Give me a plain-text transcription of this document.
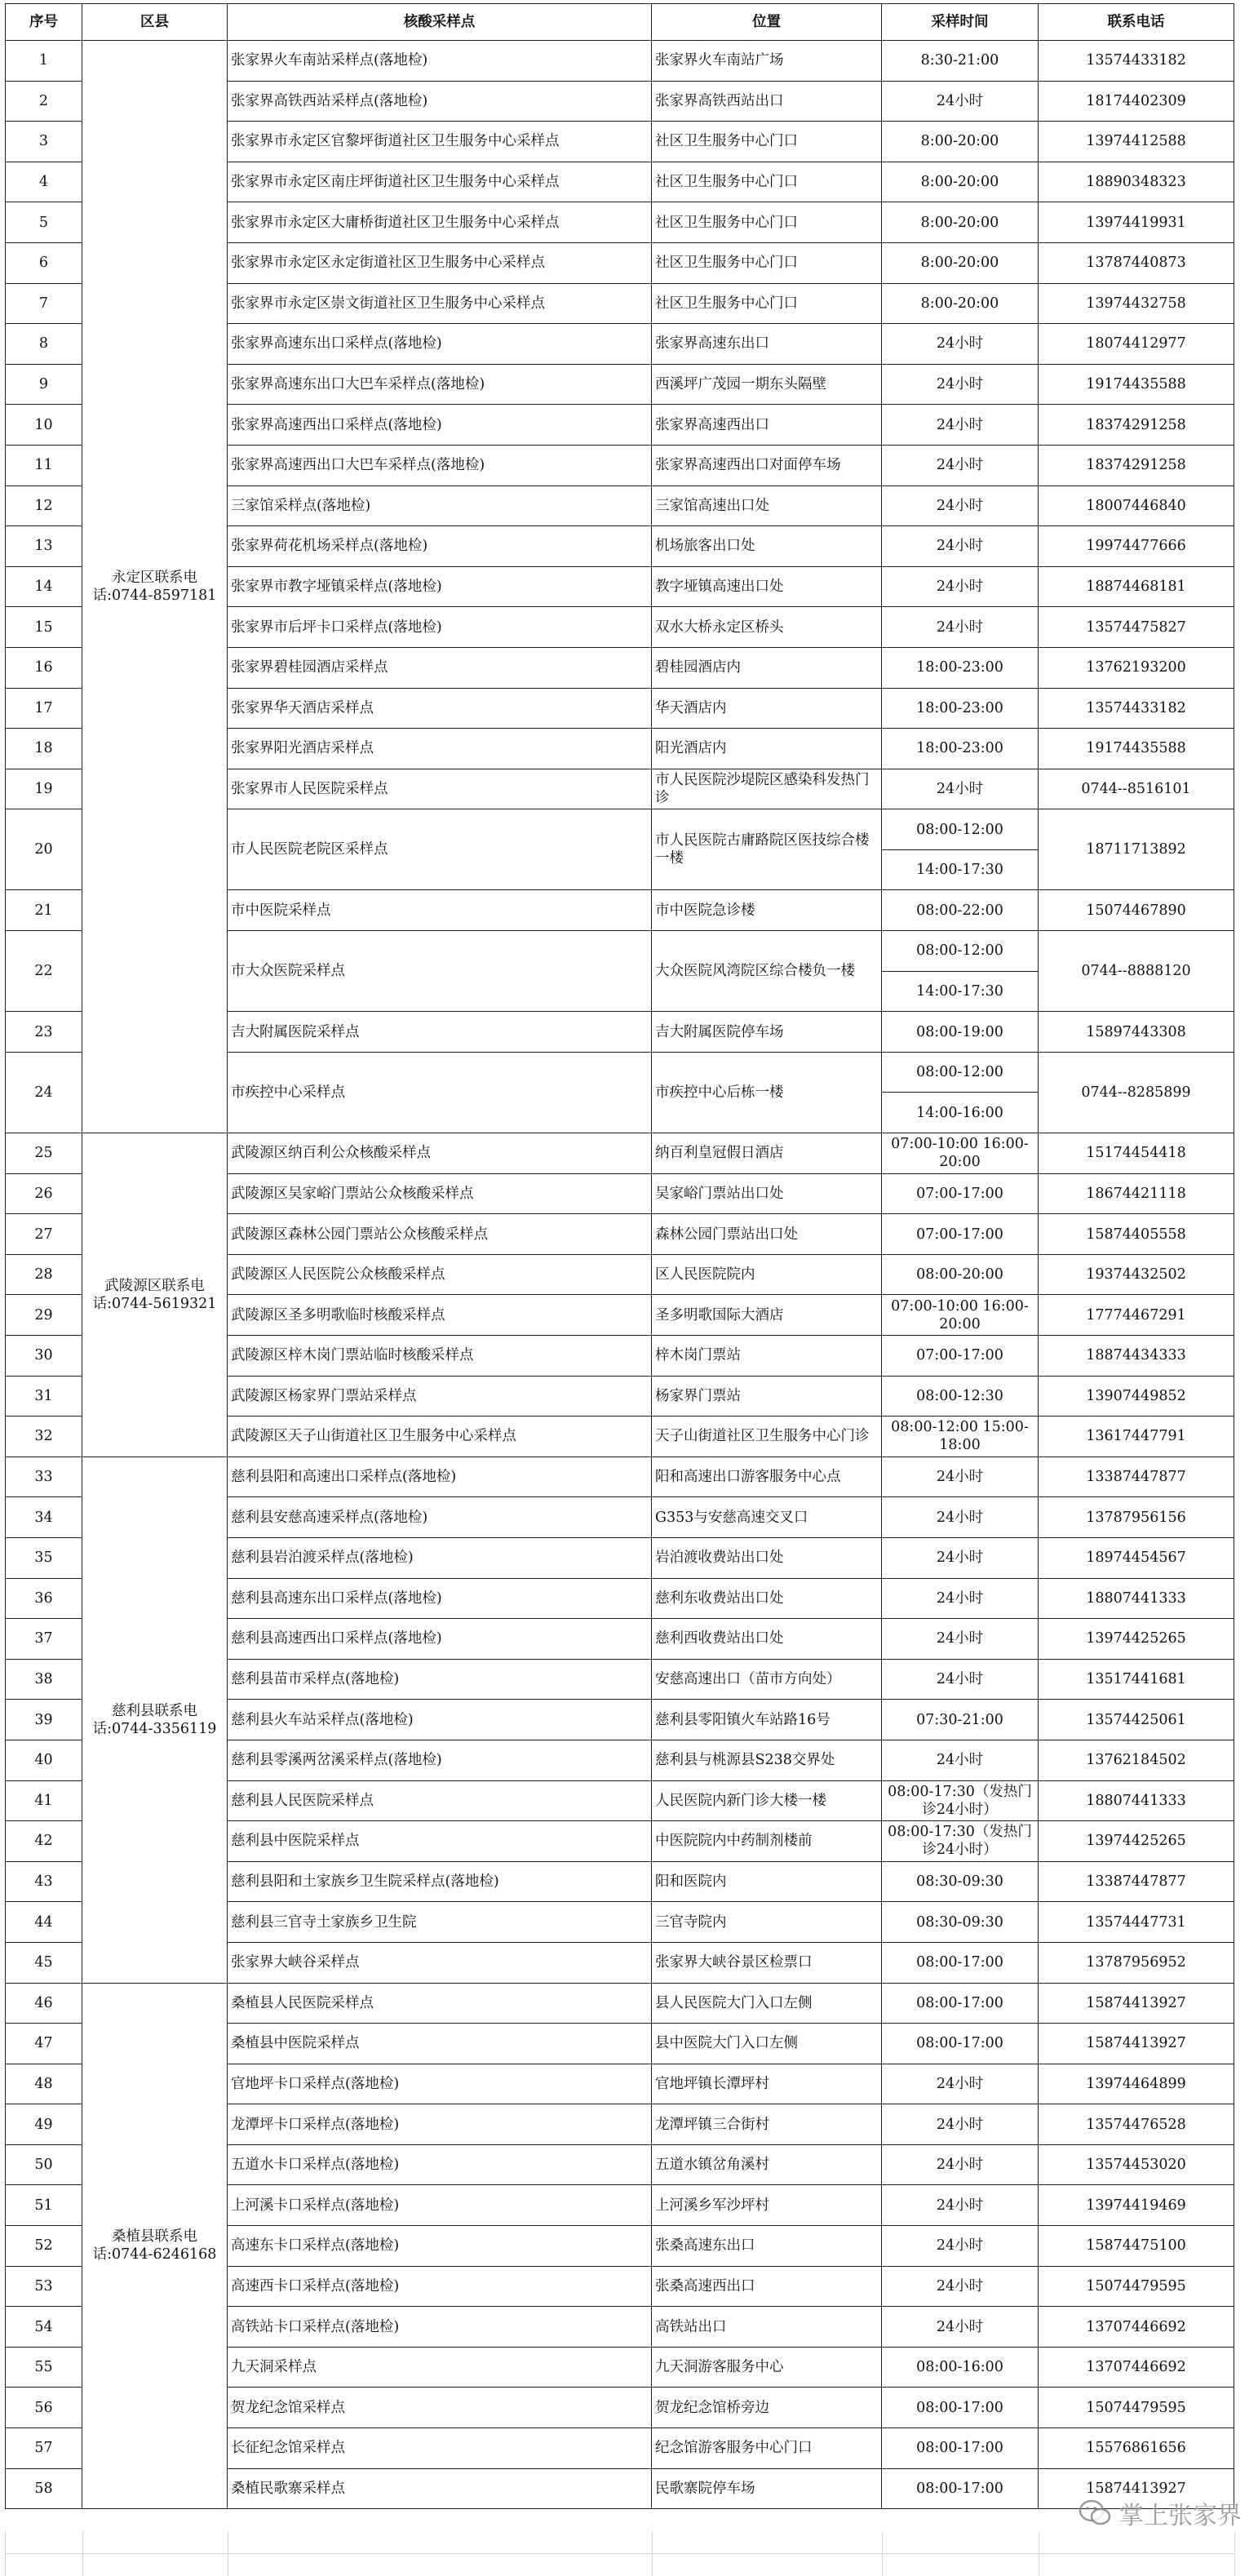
序号	区县	核酸采样点	位置	采样时间	联系电话
1	永定区联系电话:0744-8597181	张家界火车南站采样点(落地检)	张家界火车南站广场	8:30-21:00	13574433182
2		张家界高铁西站采样点(落地检)	张家界高铁西站出口	24小时	18174402309
3		张家界市永定区官黎坪街道社区卫生服务中心采样点	社区卫生服务中心门口	8:00-20:00	13974412588
4		张家界市永定区南庄坪街道社区卫生服务中心采样点	社区卫生服务中心门口	8:00-20:00	18890348323
5		张家界市永定区大庸桥街道社区卫生服务中心采样点	社区卫生服务中心门口	8:00-20:00	13974419931
6		张家界市永定区永定街道社区卫生服务中心采样点	社区卫生服务中心门口	8:00-20:00	13787440873
7		张家界市永定区崇文街道社区卫生服务中心采样点	社区卫生服务中心门口	8:00-20:00	13974432758
8		张家界高速东出口采样点(落地检)	张家界高速东出口	24小时	18074412977
9		张家界高速东出口大巴车采样点(落地检)	西溪坪广茂园一期东头隔壁	24小时	19174435588
10		张家界高速西出口采样点(落地检)	张家界高速西出口	24小时	18374291258
11		张家界高速西出口大巴车采样点(落地检)	张家界高速西出口对面停车场	24小时	18374291258
12		三家馆采样点(落地检)	三家馆高速出口处	24小时	18007446840
13		张家界荷花机场采样点(落地检)	机场旅客出口处	24小时	19974477666
14		张家界市教字垭镇采样点(落地检)	教字垭镇高速出口处	24小时	18874468181
15		张家界市后坪卡口采样点(落地检)	双水大桥永定区桥头	24小时	13574475827
16		张家界碧桂园酒店采样点	碧桂园酒店内	18:00-23:00	13762193200
17		张家界华天酒店采样点	华天酒店内	18:00-23:00	13574433182
18		张家界阳光酒店采样点	阳光酒店内	18:00-23:00	19174435588
19		张家界市人民医院采样点	市人民医院沙堤院区感染科发热门诊	24小时	0744--8516101
20		市人民医院老院区采样点	市人民医院古庸路院区医技综合楼一楼	08:00-12:00	18711713892
				14:00-17:30	
21		市中医院采样点	市中医院急诊楼	08:00-22:00	15074467890
22		市大众医院采样点	大众医院风湾院区综合楼负一楼	08:00-12:00	0744--8888120
				14:00-17:30	
23		吉大附属医院采样点	吉大附属医院停车场	08:00-19:00	15897443308
24		市疾控中心采样点	市疾控中心后栋一楼	08:00-12:00	0744--8285899
				14:00-16:00	
25	武陵源区联系电话:0744-5619321	武陵源区纳百利公众核酸采样点	纳百利皇冠假日酒店	07:00-10:00 16:00-20:00	15174454418
26		武陵源区吴家峪门票站公众核酸采样点	吴家峪门票站出口处	07:00-17:00	18674421118
27		武陵源区森林公园门票站公众核酸采样点	森林公园门票站出口处	07:00-17:00	15874405558
28		武陵源区人民医院公众核酸采样点	区人民医院院内	08:00-20:00	19374432502
29		武陵源区圣多明歌临时核酸采样点	圣多明歌国际大酒店	07:00-10:00 16:00-20:00	17774467291
30		武陵源区梓木岗门票站临时核酸采样点	梓木岗门票站	07:00-17:00	18874434333
31		武陵源区杨家界门票站采样点	杨家界门票站	08:00-12:30	13907449852
32		武陵源区天子山街道社区卫生服务中心采样点	天子山街道社区卫生服务中心门诊	08:00-12:00 15:00-18:00	13617447791
33	慈利县联系电话:0744-3356119	慈利县阳和高速出口采样点(落地检)	阳和高速出口游客服务中心点	24小时	13387447877
34		慈利县安慈高速采样点(落地检)	G353与安慈高速交叉口	24小时	13787956156
35		慈利县岩泊渡采样点(落地检)	岩泊渡收费站出口处	24小时	18974454567
36		慈利县高速东出口采样点(落地检)	慈利东收费站出口处	24小时	18807441333
37		慈利县高速西出口采样点(落地检)	慈利西收费站出口处	24小时	13974425265
38		慈利县苗市采样点(落地检)	安慈高速出口（苗市方向处）	24小时	13517441681
39		慈利县火车站采样点(落地检)	慈利县零阳镇火车站路16号	07:30-21:00	13574425061
40		慈利县零溪两岔溪采样点(落地检)	慈利县与桃源县S238交界处	24小时	13762184502
41		慈利县人民医院采样点	人民医院内新门诊大楼一楼	08:00-17:30（发热门诊24小时）	18807441333
42		慈利县中医院采样点	中医院院内中药制剂楼前	08:00-17:30（发热门诊24小时）	13974425265
43		慈利县阳和土家族乡卫生院采样点(落地检)	阳和医院内	08:30-09:30	13387447877
44		慈利县三官寺土家族乡卫生院	三官寺院内	08:30-09:30	13574447731
45		张家界大峡谷采样点	张家界大峡谷景区检票口	08:00-17:00	13787956952
46	桑植县联系电话:0744-6246168	桑植县人民医院采样点	县人民医院大门入口左侧	08:00-17:00	15874413927
47		桑植县中医院采样点	县中医院大门入口左侧	08:00-17:00	15874413927
48		官地坪卡口采样点(落地检)	官地坪镇长潭坪村	24小时	13974464899
49		龙潭坪卡口采样点(落地检)	龙潭坪镇三合街村	24小时	13574476528
50		五道水卡口采样点(落地检)	五道水镇岔角溪村	24小时	13574453020
51		上河溪卡口采样点(落地检)	上河溪乡军沙坪村	24小时	13974419469
52		高速东卡口采样点(落地检)	张桑高速东出口	24小时	15874475100
53		高速西卡口采样点(落地检)	张桑高速西出口	24小时	15074479595
54		高铁站卡口采样点(落地检)	高铁站出口	24小时	13707446692
55		九天洞采样点	九天洞游客服务中心	08:00-16:00	13707446692
56		贺龙纪念馆采样点	贺龙纪念馆桥旁边	08:00-17:00	15074479595
57		长征纪念馆采样点	纪念馆游客服务中心门口	08:00-17:00	15576861656
58		桑植民歌寨采样点	民歌寨院停车场	08:00-17:00	15874413927
掌上张家界
